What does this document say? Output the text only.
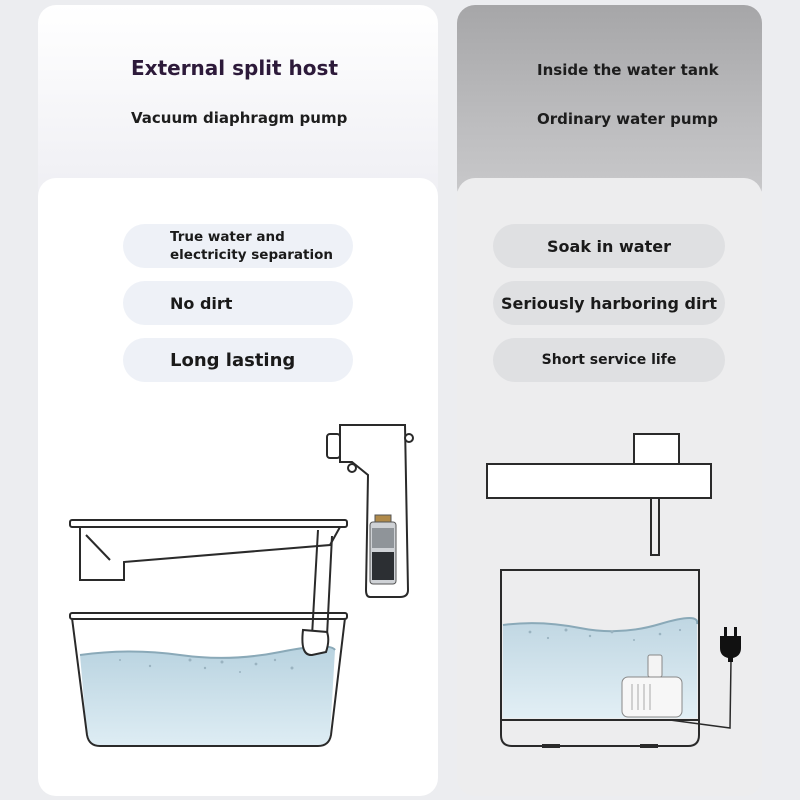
External split host
Vacuum diaphragm pump
Inside the water tank
Ordinary water pump
True water and electricity separation
No dirt
Long lasting
Soak in water
Seriously harboring dirt
Short service life
